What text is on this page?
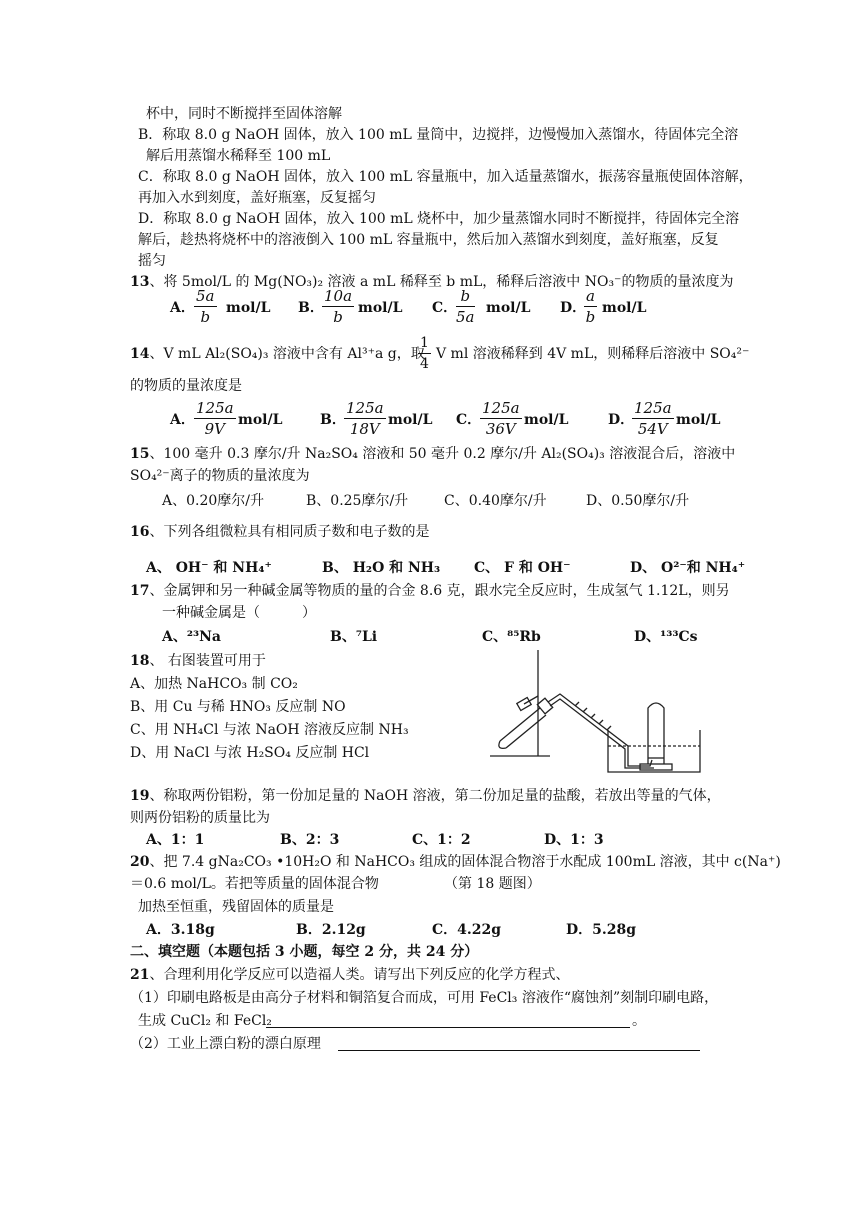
杯中，同时不断搅拌至固体溶解
B．称取 8.0 g NaOH 固体，放入 100 mL 量筒中，边搅拌，边慢慢加入蒸馏水，待固体完全溶
解后用蒸馏水稀释至 100 mL
C．称取 8.0 g NaOH 固体，放入 100 mL 容量瓶中，加入适量蒸馏水，振荡容量瓶使固体溶解，
再加入水到刻度，盖好瓶塞，反复摇匀
D．称取 8.0 g NaOH 固体，放入 100 mL 烧杯中，加少量蒸馏水同时不断搅拌，待固体完全溶
解后，趁热将烧杯中的溶液倒入 100 mL 容量瓶中，然后加入蒸馏水到刻度，盖好瓶塞，反复
摇匀
13、将 5mol/L 的 Mg(NO₃)₂ 溶液 a mL 稀释至 b mL，稀释后溶液中 NO₃⁻的物质的量浓度为
A． $\frac{5a}{b} mol/L$ B．
$\frac{10a}{b} mol/L$ C．
$\frac{b}{5a} mol/L$ D．
$\frac{a}{b} mol/L$
14、V mL Al₂(SO₄)₃ 溶液中含有 Al³⁺a g，取
$\frac{1}{4}$ V ml 溶液稀释到 4V mL，则稀释后溶液中 SO₄²⁻
的物质的量浓度是
A． $\frac{125a}{9V} mol/L$	B．
$\frac{125a}{18V} mol/L$ C．
$\frac{125a}{36V} mol/L$	D．
$\frac{125a}{54V} mol/L$
15、100 毫升 0.3 摩尔/升 Na₂SO₄ 溶液和 50 毫升 0.2 摩尔/升 Al₂(SO₄)₃ 溶液混合后，溶液中
SO₄²⁻离子的物质的量浓度为
A、0.20摩尔/升	B、0.25摩尔/升	C、0.40摩尔/升	D、0.50摩尔/升
16、下列各组微粒具有相同质子数和电子数的是
A、 OH⁻ 和 NH₄⁺	B、 H₂O 和 NH₃ C、 F 和 OH⁻	D、 O²⁻和 NH₄⁺
17、金属钾和另一种碱金属等物质的量的合金 8.6 克，跟水完全反应时，生成氢气 1.12L，则另
一种碱金属是（　　　）
A、²³Na	B、⁷Li	C、⁸⁵Rb	D、¹³³Cs
18、 右图装置可用于
A、加热 NaHCO₃ 制 CO₂
B、用 Cu 与稀 HNO₃ 反应制 NO
C、用 NH₄Cl 与浓 NaOH 溶液反应制 NH₃
D、用 NaCl 与浓 H₂SO₄ 反应制 HCl
19、称取两份铝粉，第一份加足量的 NaOH 溶液，第二份加足量的盐酸，若放出等量的气体，
则两份铝粉的质量比为
A、1：1	B、2：3	C、1：2	D、1：3
20、把 7.4 gNa₂CO₃ •10H₂O 和 NaHCO₃ 组成的固体混合物溶于水配成 100mL 溶液，其中 c(Na⁺)
＝0.6 mol/L。若把等质量的固体混合物	（第 18 题图）
加热至恒重，残留固体的质量是
A．3.18g	B．2.12g	C．4.22g	D．5.28g
二、填空题（本题包括 3 小题，每空 2 分，共 24 分）
21、合理利用化学反应可以造福人类。请写出下列反应的化学方程式、
（1）印刷电路板是由高分子材料和铜箔复合而成，可用 FeCl₃ 溶液作“腐蚀剂”刻制印刷电路，
生成 CuCl₂ 和 FeCl₂	。
（2）工业上漂白粉的漂白原理
